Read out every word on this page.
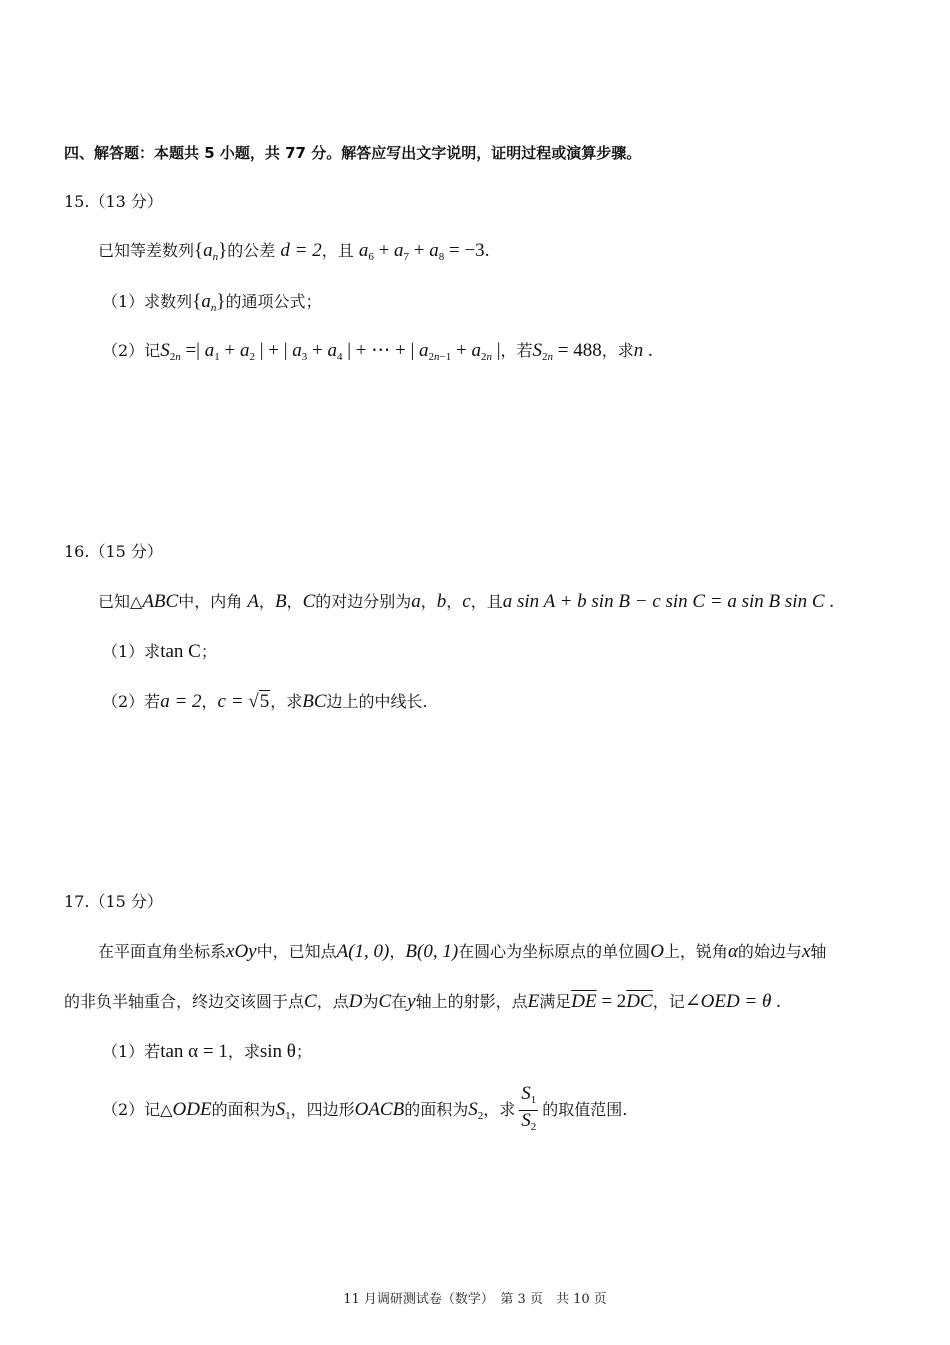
四、解答题：本题共 5 小题，共 77 分。解答应写出文字说明，证明过程或演算步骤。
15.（13 分）
已知等差数列$\{a_n\}$的公差 d = 2，且 $a_6 + a_7 + a_8 = -3$.
（1）求数列$\{a_n\}$的通项公式；
（2）记$S_{2n}$ =| $a_1 + a_2$ | + | $a_3 + a_4$ | + ⋯ + | $a_{2n-1} + a_{2n}$ |，若$S_{2n} = 488$，求n .
16.（15 分）
已知△ABC中，内角 A，B，C的对边分别为a，b，c，且a sin A + b sin B − c sin C = a sin B sin C .
（1）求tan C；
（2）若a = 2，c = √5，求BC边上的中线长.
17.（15 分）
在平面直角坐标系xOy中，已知点A(1, 0)，B(0, 1)在圆心为坐标原点的单位圆O上，锐角α的始边与x轴
的非负半轴重合，终边交该圆于点C，点D为C在y轴上的射影，点E满足$\overline{DE} = 2\overline{DC}$，记∠OED = θ .
（1）若tan α = 1，求sin θ；
（2）记△ODE的面积为$S_1$，四边形OACB的面积为$S_2$，求 $\frac{S_1}{S_2}$ 的取值范围.
11 月调研测试卷（数学）　第 3 页　共 10 页
